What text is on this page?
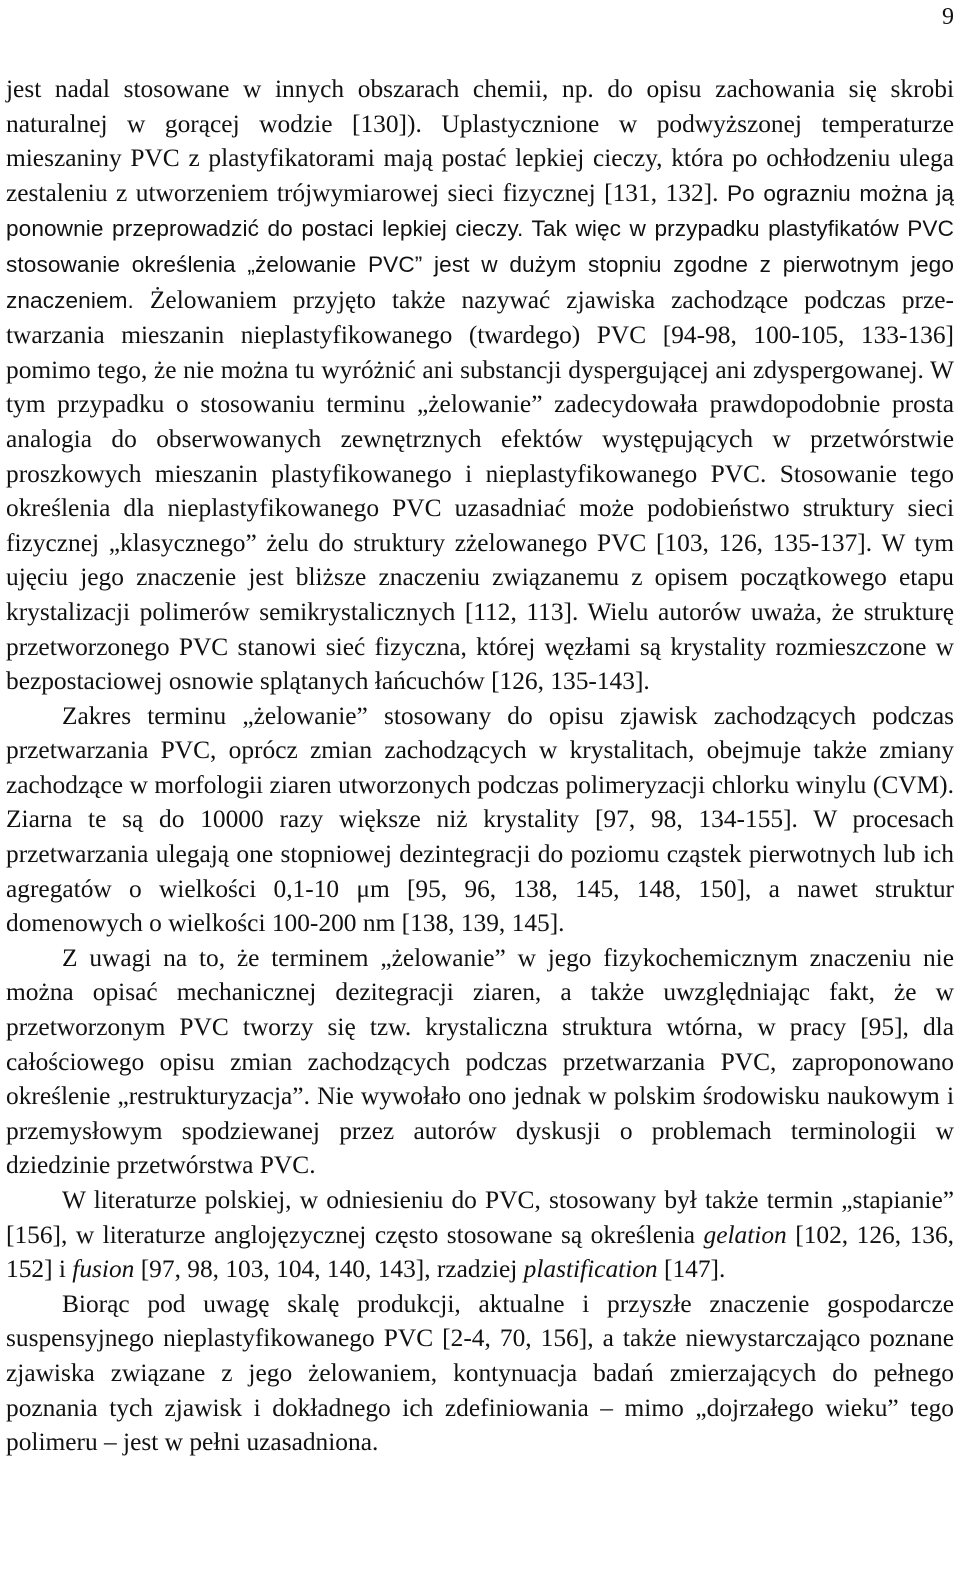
9

jest nadal stosowane w innych obszarach chemii, np. do opisu zachowania się skrobi naturalnej w gorącej wodzie [130]). Uplastycznione w podwyższonej temperaturze mieszaniny PVC z plastyfikatorami mają postać lepkiej cieczy, która po ochłodzeniu ulega zestaleniu z utworzeniem trójwymiarowej sieci fizycznej [131, 132]. Po ograzniu można ją ponownie przeprowadzić do postaci lepkiej cieczy. Tak więc w przypadku plastyfikatów PVC stosowanie określenia „żelowanie PVC” jest w dużym stopniu zgodne z pierwotnym jego znaczeniem. Żelowaniem przyjęto także nazywać zjawiska zachodzące podczas przetwarzania mieszanin nieplastyfikowanego (twardego) PVC [94-98, 100-105, 133-136] pomimo tego, że nie można tu wyróżnić ani substancji dyspergującej ani zdyspergowanej. W tym przypadku o stosowaniu terminu „żelowanie” zadecydowała prawdopodobnie prosta analogia do obserwowanych zewnętrznych efektów występujących w przetwórstwie proszkowych mieszanin plastyfikowanego i nieplastyfikowanego PVC. Stosowanie tego określenia dla nieplastyfikowanego PVC uzasadniać może podobieństwo struktury sieci fizycznej „klasycznego” żelu do struktury zżelowanego PVC [103, 126, 135-137]. W tym ujęciu jego znaczenie jest bliższe znaczeniu związanemu z opisem początkowego etapu krystalizacji polimerów semikrystalicznych [112, 113]. Wielu autorów uważa, że strukturę przetworzonego PVC stanowi sieć fizyczna, której węzłami są krystality rozmieszczone w bezpostaciowej osnowie splątanych łańcuchów [126, 135-143].

Zakres terminu „żelowanie” stosowany do opisu zjawisk zachodzących podczas przetwarzania PVC, oprócz zmian zachodzących w krystalitach, obejmuje także zmiany zachodzące w morfologii ziaren utworzonych podczas polimeryzacji chlorku winylu (CVM). Ziarna te są do 10000 razy większe niż krystality [97, 98, 134-155]. W procesach przetwarzania ulegają one stopniowej dezintegracji do poziomu cząstek pierwotnych lub ich agregatów o wielkości 0,1-10 μm [95, 96, 138, 145, 148, 150], a nawet struktur domenowych o wielkości 100-200 nm [138, 139, 145].

Z uwagi na to, że terminem „żelowanie” w jego fizykochemicznym znaczeniu nie można opisać mechanicznej dezitegracji ziaren, a także uwzględniając fakt, że w przetworzonym PVC tworzy się tzw. krystaliczna struktura wtórna, w pracy [95], dla całościowego opisu zmian zachodzących podczas przetwarzania PVC, zaproponowano określenie „restrukturyzacja”. Nie wywołało ono jednak w polskim środowisku naukowym i przemysłowym spodziewanej przez autorów dyskusji o problemach terminologii w dziedzinie przetwórstwa PVC.

W literaturze polskiej, w odniesieniu do PVC, stosowany był także termin „stapianie” [156], w literaturze anglojęzycznej często stosowane są określenia gelation [102, 126, 136, 152] i fusion [97, 98, 103, 104, 140, 143], rzadziej plastification [147].

Biorąc pod uwagę skalę produkcji, aktualne i przyszłe znaczenie gospodarcze suspensyjnego nieplastyfikowanego PVC [2-4, 70, 156], a także niewystarczająco poznane zjawiska związane z jego żelowaniem, kontynuacja badań zmierzających do pełnego poznania tych zjawisk i dokładnego ich zdefiniowania – mimo „dojrzałego wieku” tego polimeru – jest w pełni uzasadniona.
